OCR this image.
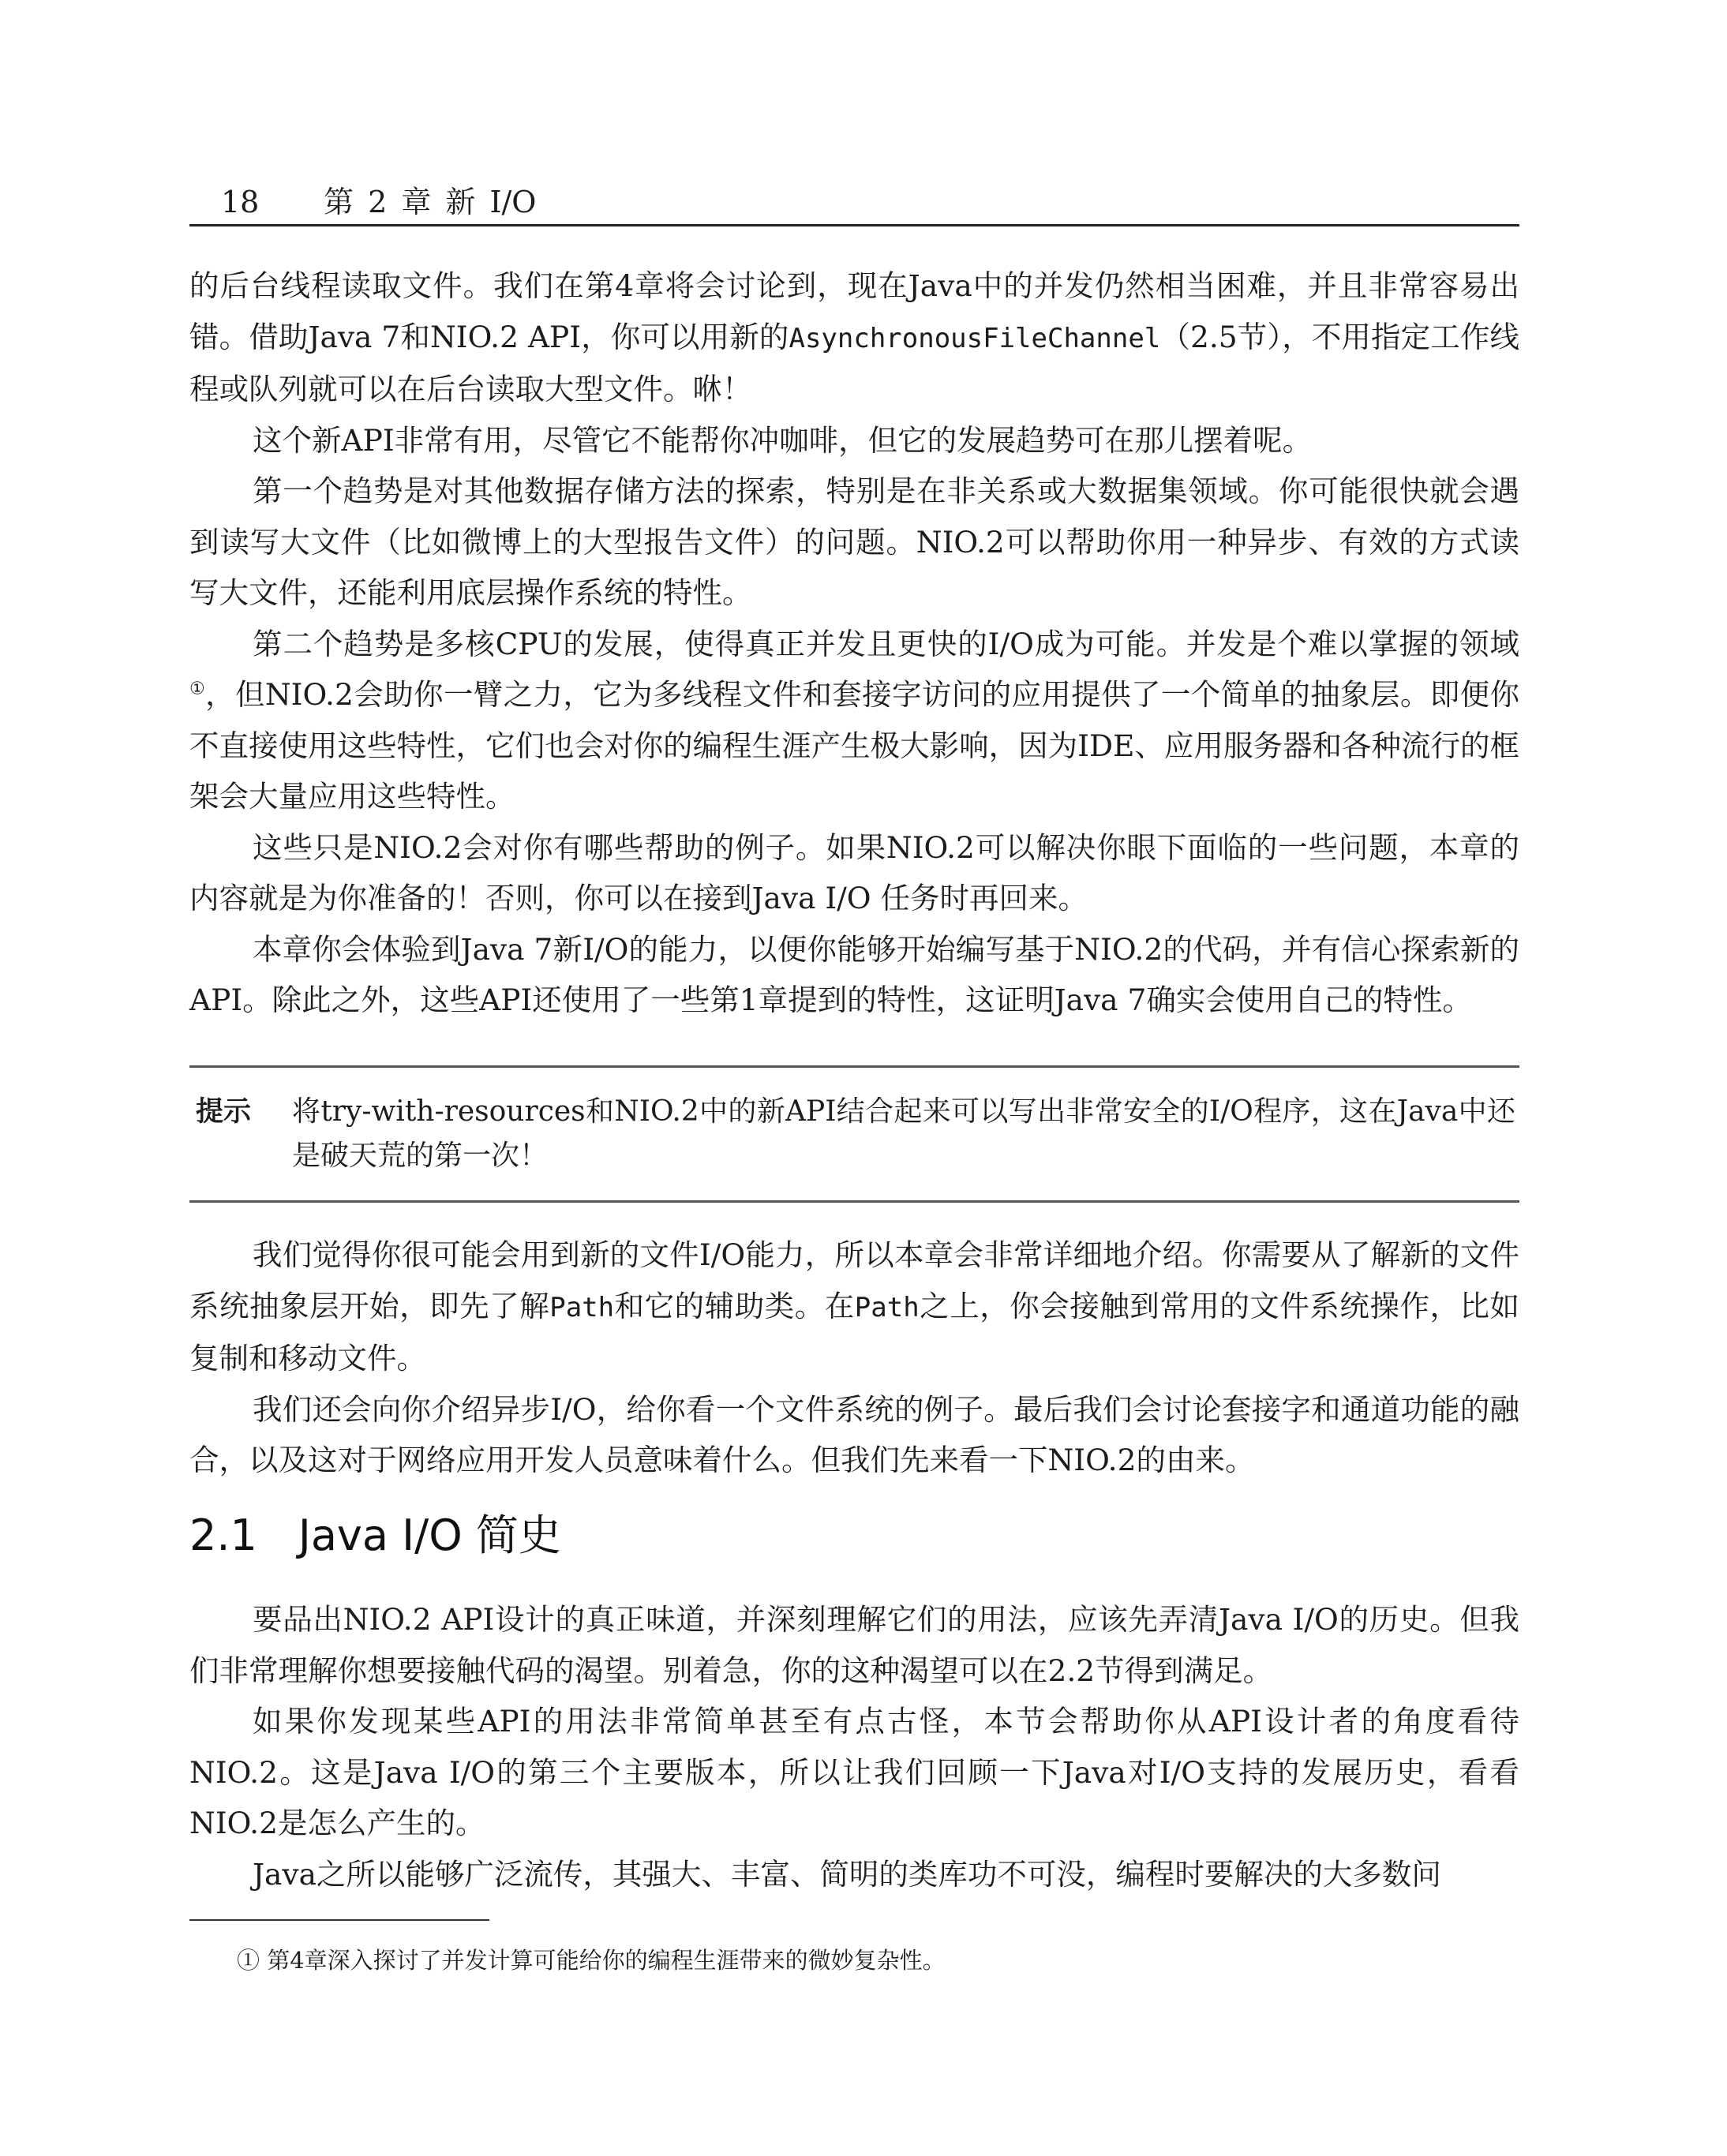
18 第 2 章 新 I/O

的后台线程读取文件。我们在第4章将会讨论到，现在Java中的并发仍然相当困难，并且非常容易出错。借助Java 7和NIO.2 API，你可以用新的AsynchronousFileChannel（2.5节），不用指定工作线程或队列就可以在后台读取大型文件。咻！

这个新API非常有用，尽管它不能帮你冲咖啡，但它的发展趋势可在那儿摆着呢。

第一个趋势是对其他数据存储方法的探索，特别是在非关系或大数据集领域。你可能很快就会遇到读写大文件（比如微博上的大型报告文件）的问题。NIO.2可以帮助你用一种异步、有效的方式读写大文件，还能利用底层操作系统的特性。

第二个趋势是多核CPU的发展，使得真正并发且更快的I/O成为可能。并发是个难以掌握的领域①，但NIO.2会助你一臂之力，它为多线程文件和套接字访问的应用提供了一个简单的抽象层。即便你不直接使用这些特性，它们也会对你的编程生涯产生极大影响，因为IDE、应用服务器和各种流行的框架会大量应用这些特性。

这些只是NIO.2会对你有哪些帮助的例子。如果NIO.2可以解决你眼下面临的一些问题，本章的内容就是为你准备的！否则，你可以在接到Java I/O 任务时再回来。

本章你会体验到Java 7新I/O的能力，以便你能够开始编写基于NIO.2的代码，并有信心探索新的API。除此之外，这些API还使用了一些第1章提到的特性，这证明Java 7确实会使用自己的特性。

提示 将try-with-resources和NIO.2中的新API结合起来可以写出非常安全的I/O程序，这在Java中还是破天荒的第一次！

我们觉得你很可能会用到新的文件I/O能力，所以本章会非常详细地介绍。你需要从了解新的文件系统抽象层开始，即先了解Path和它的辅助类。在Path之上，你会接触到常用的文件系统操作，比如复制和移动文件。

我们还会向你介绍异步I/O，给你看一个文件系统的例子。最后我们会讨论套接字和通道功能的融合，以及这对于网络应用开发人员意味着什么。但我们先来看一下NIO.2的由来。

2.1 Java I/O 简史

要品出NIO.2 API设计的真正味道，并深刻理解它们的用法，应该先弄清Java I/O的历史。但我们非常理解你想要接触代码的渴望。别着急，你的这种渴望可以在2.2节得到满足。

如果你发现某些API的用法非常简单甚至有点古怪，本节会帮助你从API设计者的角度看待NIO.2。这是Java I/O的第三个主要版本，所以让我们回顾一下Java对I/O支持的发展历史，看看NIO.2是怎么产生的。

Java之所以能够广泛流传，其强大、丰富、简明的类库功不可没，编程时要解决的大多数问

① 第4章深入探讨了并发计算可能给你的编程生涯带来的微妙复杂性。
